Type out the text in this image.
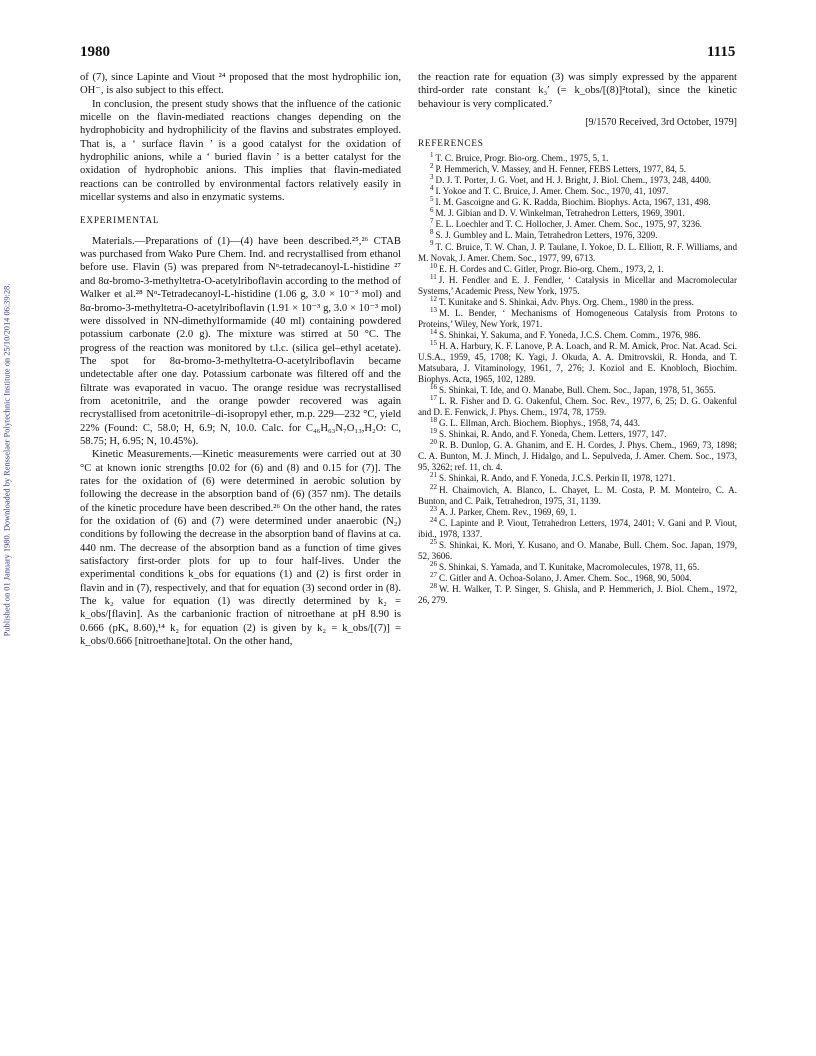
1980	1115
Published on 01 January 1980. Downloaded by Rensselaer Polytechnic Institute on 25/10/2014 06:39:28.

of (7), since Lapinte and Viout ²⁴ proposed that the most hydrophilic ion, OH⁻, is also subject to this effect.

In conclusion, the present study shows that the influence of the cationic micelle on the flavin-mediated reactions changes depending on the hydrophobicity and hydrophilicity of the flavins and substrates employed. That is, a ‘ surface flavin ’ is a good catalyst for the oxidation of hydrophilic anions, while a ‘ buried flavin ’ is a better catalyst for the oxidation of hydrophobic anions. This implies that flavin-mediated reactions can be controlled by environmental factors relatively easily in micellar systems and also in enzymatic systems.

EXPERIMENTAL

Materials.—Preparations of (1)—(4) have been described.²⁵,²⁶ CTAB was purchased from Wako Pure Chem. Ind. and recrystallised from ethanol before use. Flavin (5) was prepared from Nᵅ-tetradecanoyl-L-histidine ²⁷ and 8α-bromo-3-methyltetra-O-acetylriboflavin according to the method of Walker et al.²⁸ Nᵅ-Tetradecanoyl-L-histidine (1.06 g, 3.0 × 10⁻³ mol) and 8α-bromo-3-methyltetra-O-acetylriboflavin (1.91 × 10⁻³ g, 3.0 × 10⁻³ mol) were dissolved in NN-dimethylformamide (40 ml) containing powdered potassium carbonate (2.0 g). The mixture was stirred at 50 °C. The progress of the reaction was monitored by t.l.c. (silica gel–ethyl acetate). The spot for 8α-bromo-3-methyltetra-O-acetylriboflavin became undetectable after one day. Potassium carbonate was filtered off and the filtrate was evaporated in vacuo. The orange residue was recrystallised from acetonitrile, and the orange powder recovered was again recrystallised from acetonitrile–di-isopropyl ether, m.p. 229—232 °C, yield 22% (Found: C, 58.0; H, 6.9; N, 10.0. Calc. for C₄₆H₆₃N₇O₁₃,H₂O: C, 58.75; H, 6.95; N, 10.45%).

Kinetic Measurements.—Kinetic measurements were carried out at 30 °C at known ionic strengths [0.02 for (6) and (8) and 0.15 for (7)]. The rates for the oxidation of (6) were determined in aerobic solution by following the decrease in the absorption band of (6) (357 nm). The details of the kinetic procedure have been described.²⁶ On the other hand, the rates for the oxidation of (6) and (7) were determined under anaerobic (N₂) conditions by following the decrease in the absorption band of flavins at ca. 440 nm. The decrease of the absorption band as a function of time gives satisfactory first-order plots for up to four half-lives. Under the experimental conditions k_obs for equations (1) and (2) is first order in flavin and in (7), respectively, and that for equation (3) second order in (8). The k₂ value for equation (1) was directly determined by k₂ = k_obs/[flavin]. As the carbanionic fraction of nitroethane at pH 8.90 is 0.666 (pKₐ 8.60),¹⁴ k₂ for equation (2) is given by k₂ = k_obs/[(7)] = k_obs/0.666 [nitroethane]total. On the other hand,

the reaction rate for equation (3) was simply expressed by the apparent third-order rate constant k₃′ (= k_obs/[(8)]²total), since the kinetic behaviour is very complicated.⁷

[9/1570 Received, 3rd October, 1979]
REFERENCES

$^1$ T. C. Bruice, Progr. Bio-org. Chem., 1975, 5, 1.

$^2$ P. Hemmerich, V. Massey, and H. Fenner, FEBS Letters, 1977, 84, 5.

$^3$ D. J. T. Porter, J. G. Voet, and H. J. Bright, J. Biol. Chem., 1973, 248, 4400.

$^4$ I. Yokoe and T. C. Bruice, J. Amer. Chem. Soc., 1970, 41, 1097.

$^5$ I. M. Gascoigne and G. K. Radda, Biochim. Biophys. Acta, 1967, 131, 498.

$^6$ M. J. Gibian and D. V. Winkelman, Tetrahedron Letters, 1969, 3901.

$^7$ E. L. Loechler and T. C. Hollocher, J. Amer. Chem. Soc., 1975, 97, 3236.

$^8$ S. J. Gumbley and L. Main, Tetrahedron Letters, 1976, 3209.

$^9$ T. C. Bruice, T. W. Chan, J. P. Taulane, I. Yokoe, D. L. Elliott, R. F. Williams, and M. Novak, J. Amer. Chem. Soc., 1977, 99, 6713.

$^{10}$ E. H. Cordes and C. Gitler, Progr. Bio-org. Chem., 1973, 2, 1.

$^{11}$ J. H. Fendler and E. J. Fendler, ‘ Catalysis in Micellar and Macromolecular Systems,’ Academic Press, New York, 1975.

$^{12}$ T. Kunitake and S. Shinkai, Adv. Phys. Org. Chem., 1980 in the press.

$^{13}$ M. L. Bender, ‘ Mechanisms of Homogeneous Catalysis from Protons to Proteins,’ Wiley, New York, 1971.

$^{14}$ S. Shinkai, Y. Sakuma, and F. Yoneda, J.C.S. Chem. Comm., 1976, 986.

$^{15}$ H. A. Harbury, K. F. Lanove, P. A. Loach, and R. M. Amick, Proc. Nat. Acad. Sci. U.S.A., 1959, 45, 1708; K. Yagi, J. Okuda, A. A. Dmitrovskii, R. Honda, and T. Matsubara, J. Vitaminology, 1961, 7, 276; J. Koziol and E. Knobloch, Biochim. Biophys. Acta, 1965, 102, 1289.

$^{16}$ S. Shinkai, T. Ide, and O. Manabe, Bull. Chem. Soc., Japan, 1978, 51, 3655.

$^{17}$ L. R. Fisher and D. G. Oakenful, Chem. Soc. Rev., 1977, 6, 25; D. G. Oakenful and D. E. Fenwick, J. Phys. Chem., 1974, 78, 1759.

$^{18}$ G. L. Ellman, Arch. Biochem. Biophys., 1958, 74, 443.

$^{19}$ S. Shinkai, R. Ando, and F. Yoneda, Chem. Letters, 1977, 147.

$^{20}$ R. B. Dunlop, G. A. Ghanim, and E. H. Cordes, J. Phys. Chem., 1969, 73, 1898; C. A. Bunton, M. J. Minch, J. Hidalgo, and L. Sepulveda, J. Amer. Chem. Soc., 1973, 95, 3262; ref. 11, ch. 4.

$^{21}$ S. Shinkai, R. Ando, and F. Yoneda, J.C.S. Perkin II, 1978, 1271.

$^{22}$ H. Chaimovich, A. Blanco, L. Chayet, L. M. Costa, P. M. Monteiro, C. A. Bunton, and C. Paik, Tetrahedron, 1975, 31, 1139.

$^{23}$ A. J. Parker, Chem. Rev., 1969, 69, 1.

$^{24}$ C. Lapinte and P. Viout, Tetrahedron Letters, 1974, 2401; V. Gani and P. Viout, ibid., 1978, 1337.

$^{25}$ S. Shinkai, K. Mori, Y. Kusano, and O. Manabe, Bull. Chem. Soc. Japan, 1979, 52, 3606.

$^{26}$ S. Shinkai, S. Yamada, and T. Kunitake, Macromolecules, 1978, 11, 65.

$^{27}$ C. Gitler and A. Ochoa-Solano, J. Amer. Chem. Soc., 1968, 90, 5004.

$^{28}$ W. H. Walker, T. P. Singer, S. Ghisla, and P. Hemmerich, J. Biol. Chem., 1972, 26, 279.
